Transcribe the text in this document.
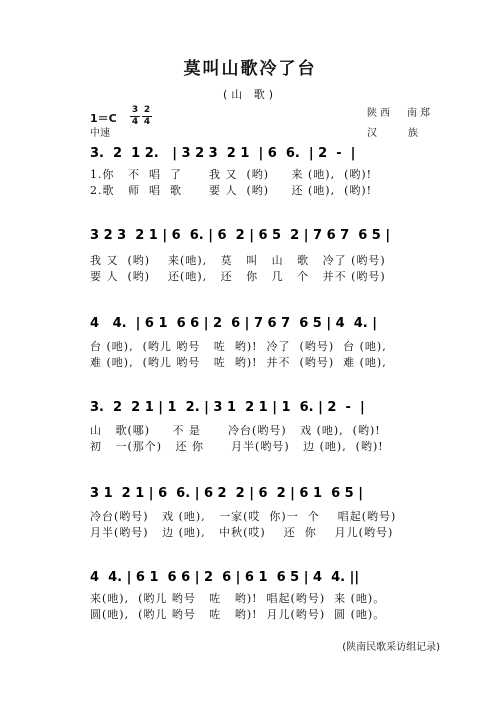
莫叫山歌冷了台
(山 歌)
1＝C
3
4
2
4
中速
陕西 南郑
汉	族
3.  2  1 2.   | 3 2 3  2 1  | 6  6.  | 2  -  |
1.你   不  唱  了      我 又  (哟)     来 (吔),  (哟)!
2.歌   师  唱  歌      要 人  (哟)     还 (吔),  (哟)!
3 2 3  2 1 | 6  6. | 6  2 | 6 5  2 | 7 6 7  6 5 |
我 又  (哟)    来(吔),   莫   叫   山   歌   冷了 (哟号)
要 人  (哟)    还(吔),   还   你   几   个   并不 (哟号)
4   4.  | 6 1  6 6 | 2  6 | 7 6 7  6 5 | 4  4. |
台 (吔),  (哟儿 哟号   咗  哟)!  冷了  (哟号)  台 (吔),
难 (吔),  (哟儿 哟号   咗  哟)!  并不  (哟号)  难 (吔),
3.  2  2 1 | 1  2. | 3 1  2 1 | 1  6. | 2  -  |
山   歌(哪)     不 是      冷台(哟号)   戏 (吔),  (哟)!
初   一(那个)   还 你      月半(哟号)   边 (吔),  (哟)!
3 1  2 1 | 6  6. | 6 2  2 | 6  2 | 6 1  6 5 |
冷台(哟号)   戏 (吔),   一家(哎  你)一  个    唱起(哟号)
月半(哟号)   边 (吔),   中秋(哎)    还  你    月儿(哟号)
4  4. | 6 1  6 6 | 2  6 | 6 1  6 5 | 4  4. ||
来(吔),  (哟儿 哟号   咗   哟)!  唱起(哟号)  来 (吔)。
圆(吔),  (哟儿 哟号   咗   哟)!  月儿(哟号)  圆 (吔)。
(陕南民歌采访组记录)
